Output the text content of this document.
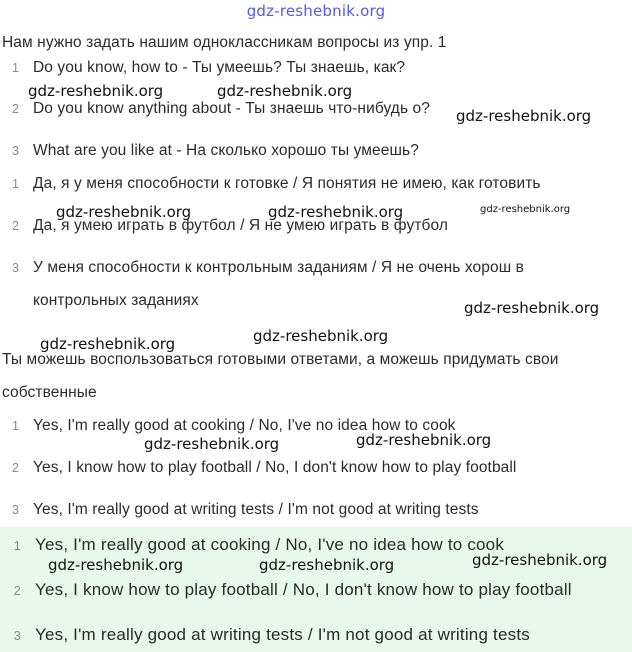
gdz-reshebnik.org
Нам нужно задать нашим одноклассникам вопросы из упр. 1
1 Do you know, how to - Ты умеешь? Ты знаешь, как?
2 Do you know anything about - Ты знаешь что-нибудь о?
3 What are you like at - На сколько хорошо ты умеешь?
1 Да, я у меня способности к готовке / Я понятия не имею, как готовить
2 Да, я умею играть в футбол / Я не умею играть в футбол
3 У меня способности к контрольным заданиям / Я не очень хорош в
контрольных заданиях
Ты можешь воспользоваться готовыми ответами, а можешь придумать свои
собственные
1 Yes, I'm really good at cooking / No, I've no idea how to cook
2 Yes, I know how to play football / No, I don't know how to play football
3 Yes, I'm really good at writing tests / I'm not good at writing tests
1 Yes, I'm really good at cooking / No, I've no idea how to cook
2 Yes, I know how to play football / No, I don't know how to play football
3 Yes, I'm really good at writing tests / I'm not good at writing tests
gdz-reshebnik.org	gdz-reshebnik.org
gdz-reshebnik.org
gdz-reshebnik.org	gdz-reshebnik.org	gdz-reshebnik.org
gdz-reshebnik.org
gdz-reshebnik.org	gdz-reshebnik.org
gdz-reshebnik.org	gdz-reshebnik.org
gdz-reshebnik.org	gdz-reshebnik.org	gdz-reshebnik.org
